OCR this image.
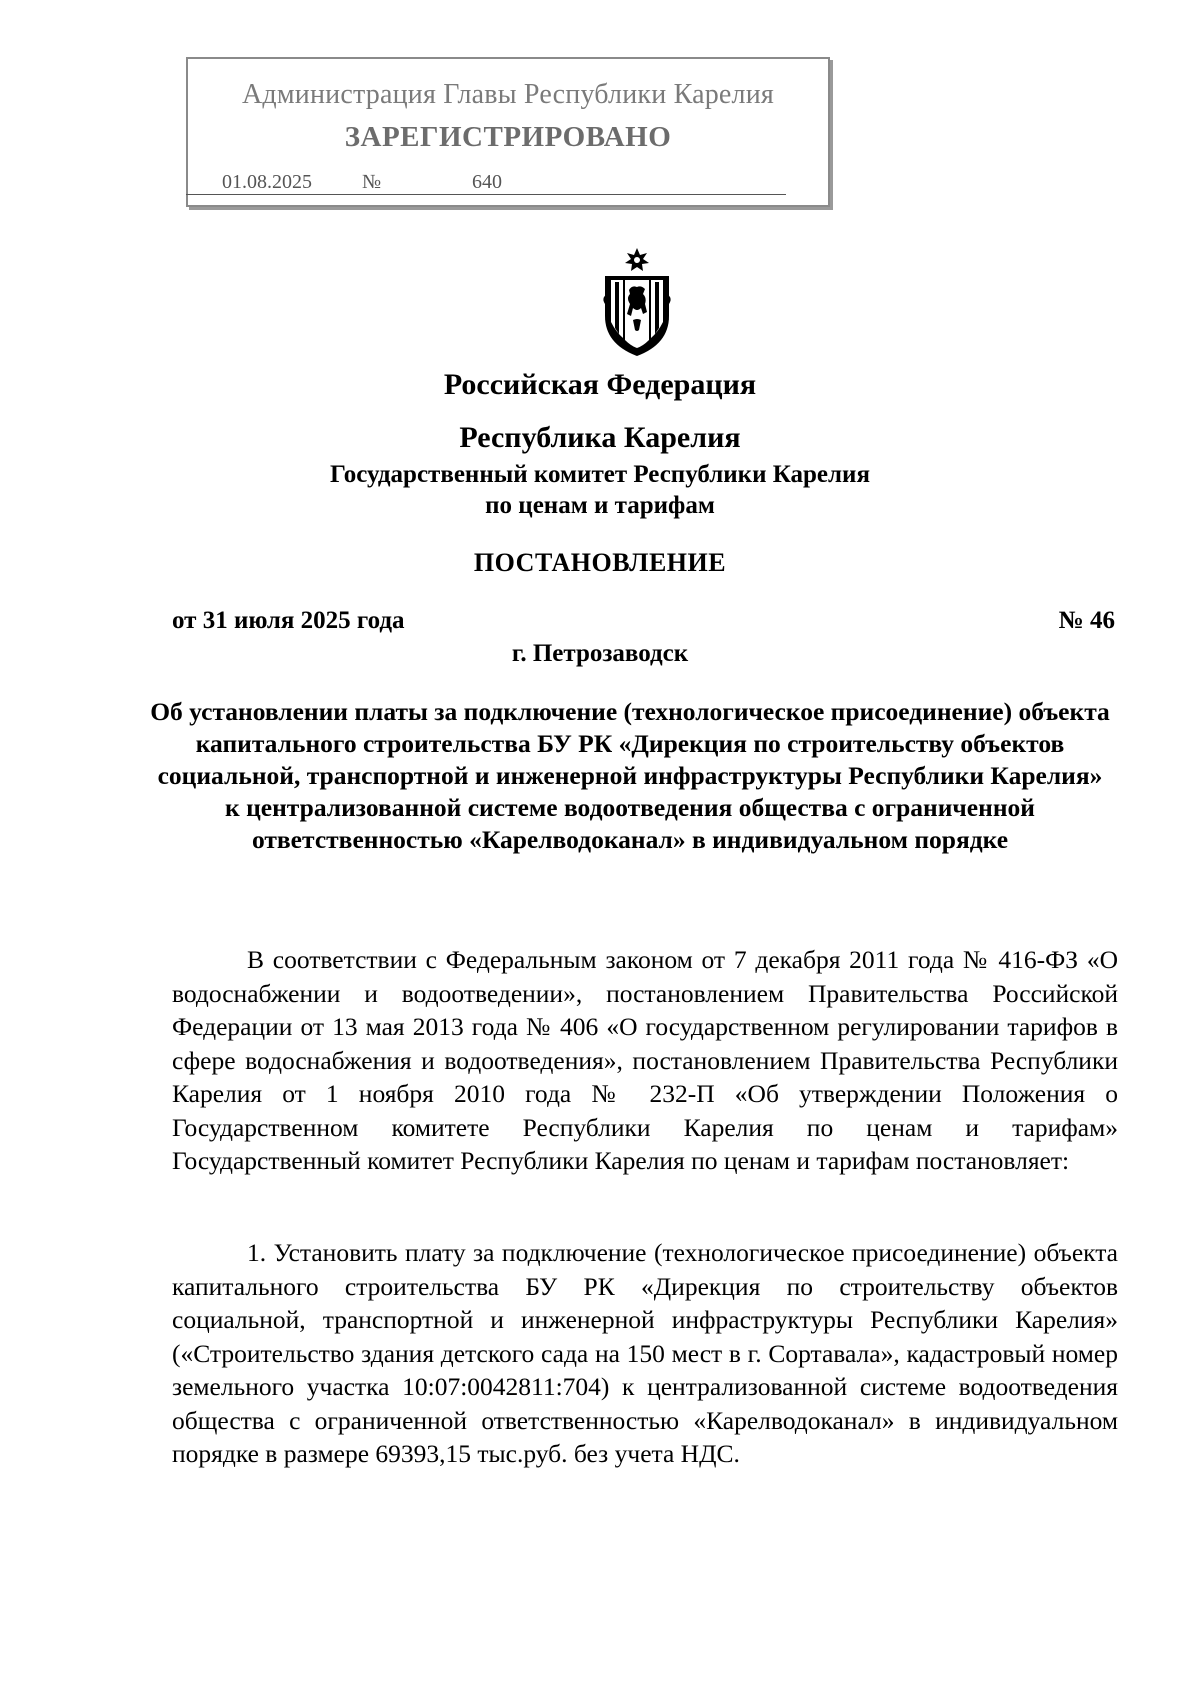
Администрация Главы Республики Карелия
ЗАРЕГИСТРИРОВАНО
01.08.2025	№	640
Российская Федерация
Республика Карелия
Государственный комитет Республики Карелия
по ценам и тарифам
ПОСТАНОВЛЕНИЕ
от 31 июля 2025 года	№ 46
г. Петрозаводск
Об установлении платы за подключение (технологическое присоединение) объекта капитального строительства БУ РК «Дирекция по строительству объектов социальной, транспортной и инженерной инфраструктуры Республики Карелия» к централизованной системе водоотведения общества с ограниченной ответственностью «Карелводоканал» в индивидуальном порядке

В соответствии с Федеральным законом от 7 декабря 2011 года № 416-ФЗ «О водоснабжении и водоотведении», постановлением Правительства Российской Федерации от 13 мая 2013 года № 406 «О государственном регулировании тарифов в сфере водоснабжения и водоотведения», постановлением Правительства Республики Карелия от 1 ноября 2010 года № 232-П «Об утверждении Положения о Государственном комитете Республики Карелия по ценам и тарифам» Государственный комитет Республики Карелия по ценам и тарифам постановляет:

1. Установить плату за подключение (технологическое присоединение) объекта капитального строительства БУ РК «Дирекция по строительству объектов социальной, транспортной и инженерной инфраструктуры Республики Карелия» («Строительство здания детского сада на 150 мест в г. Сортавала», кадастровый номер земельного участка 10:07:0042811:704) к централизованной системе водоотведения общества с ограниченной ответственностью «Карелводоканал» в индивидуальном порядке в размере 69393,15 тыс.руб. без учета НДС.
